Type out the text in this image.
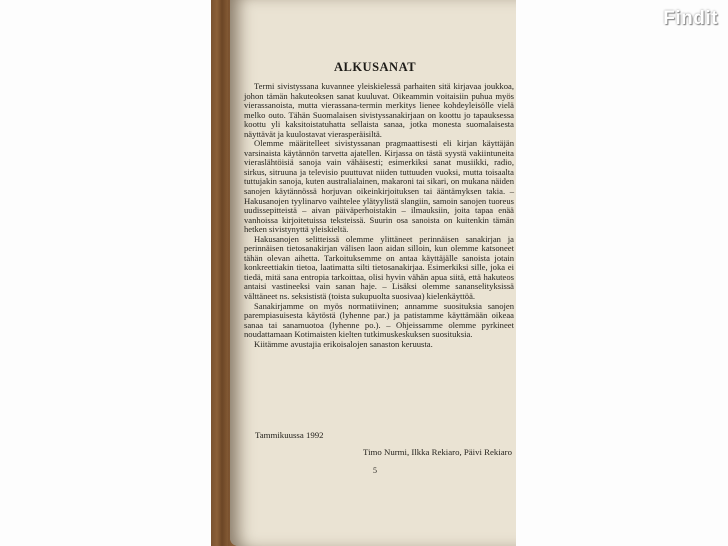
ALKUSANAT

Termi sivistyssana kuvannee yleiskielessä parhaiten sitä kirjavaa joukkoa, johon tämän hakuteoksen sanat kuuluvat. Oikeammin voitaisiin puhua myös vierassanoista, mutta vierassana-termin merkitys lienee kohdeyleisölle vielä melko outo. Tähän Suomalaisen sivistyssanakirjaan on koottu jo tapauksessa koottu yli kaksitoistatuhatta sellaista sanaa, jotka monesta suomalaisesta näyttävät ja kuulostavat vierasperäisiltä.

Olemme määritelleet sivistyssanan pragmaattisesti eli kirjan käyttäjän varsinaista käytännön tarvetta ajatellen. Kirjassa on tästä syystä vakiintuneita vieraslähtöisiä sanoja vain vähäisesti; esimerkiksi sanat musiikki, radio, sirkus, sitruuna ja televisio puuttuvat niiden tuttuuden vuoksi, mutta toisaalta tuttujakin sanoja, kuten australialainen, makaroni tai sikari, on mukana näiden sanojen käytännössä horjuvan oikeinkirjoituksen tai ääntämyksen takia. – Hakusanojen tyylinarvo vaihtelee ylätyylistä slangiin, samoin sanojen tuoreus uudissepitteistä – aivan päiväperhoistakin – ilmauksiin, joita tapaa enää vanhoissa kirjoitetuissa teksteissä. Suurin osa sanoista on kuitenkin tämän hetken sivistynyttä yleiskieltä.

Hakusanojen selitteissä olemme ylittäneet perinnäisen sanakirjan ja perinnäisen tietosanakirjan välisen laon aidan silloin, kun olemme katsoneet tähän olevan aihetta. Tarkoituksemme on antaa käyttäjälle sanoista jotain konkreettiakin tietoa, laatimatta silti tietosanakirjaa. Esimerkiksi sille, joka ei tiedä, mitä sana entropia tarkoittaa, olisi hyvin vähän apua siitä, että hakuteos antaisi vastineeksi vain sanan haje. – Lisäksi olemme sananselityksissä välttäneet ns. seksististä (toista sukupuolta suosivaa) kielenkäyttöä.

Sanakirjamme on myös normatiivinen; annamme suosituksia sanojen parempiasuisesta käytöstä (lyhenne par.) ja patistamme käyttämään oikeaa sanaa tai sanamuotoa (lyhenne po.). – Ohjeissamme olemme pyrkineet noudattamaan Kotimaisten kielten tutkimuskeskuksen suosituksia.

Kiitämme avustajia erikoisalojen sanaston keruusta.

Tammikuussa 1992
Timo Nurmi, Ilkka Rekiaro, Päivi Rekiaro
5
Findit
